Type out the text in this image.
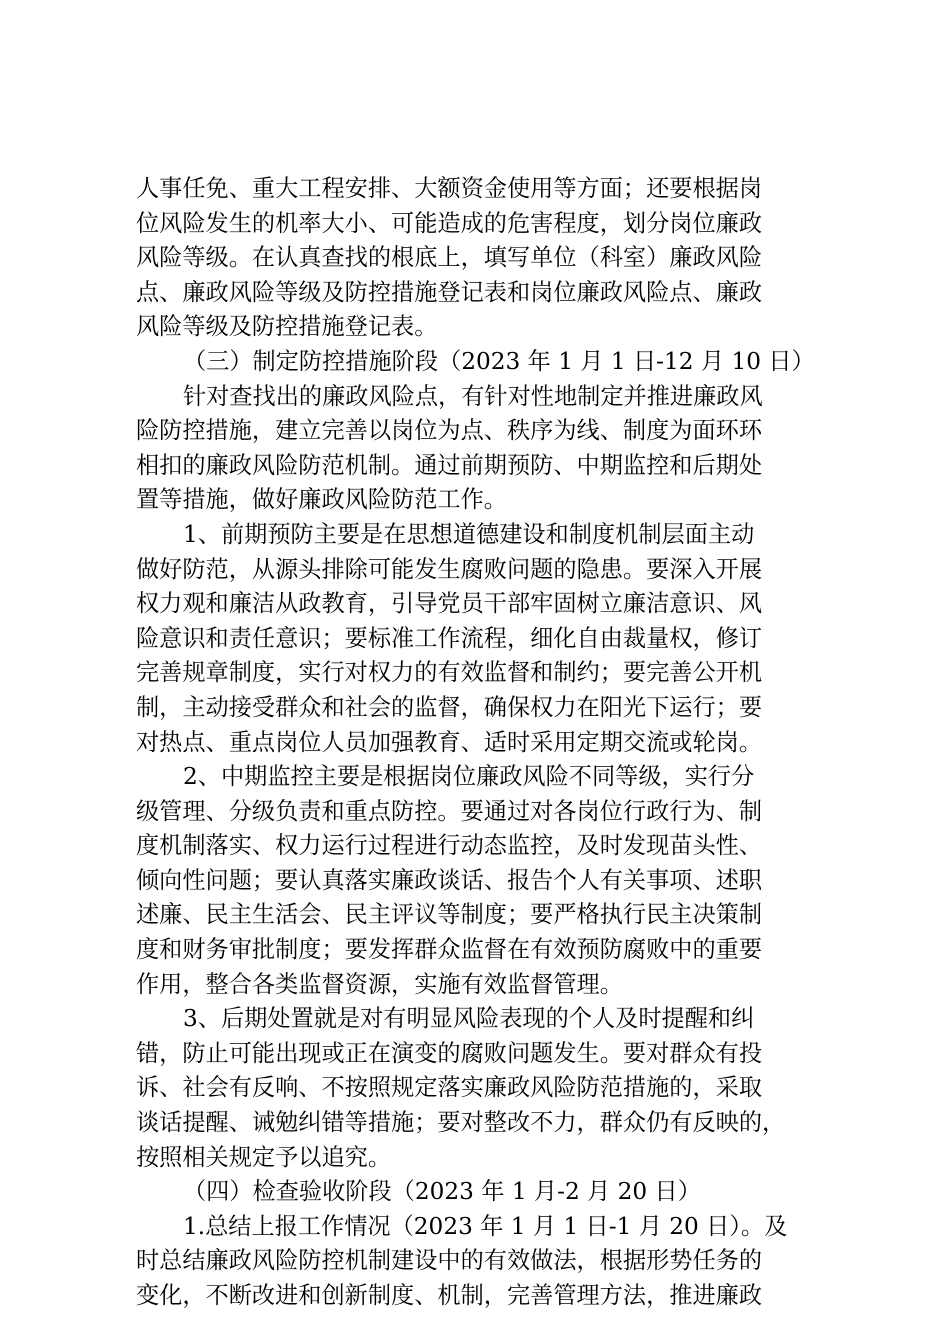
人事任免、重大工程安排、大额资金使用等方面；还要根据岗
位风险发生的机率大小、可能造成的危害程度，划分岗位廉政
风险等级。在认真查找的根底上，填写单位（科室）廉政风险
点、廉政风险等级及防控措施登记表和岗位廉政风险点、廉政
风险等级及防控措施登记表。
（三）制定防控措施阶段（2023 年 1 月 1 日-12 月 10 日）
针对查找出的廉政风险点，有针对性地制定并推进廉政风
险防控措施，建立完善以岗位为点、秩序为线、制度为面环环
相扣的廉政风险防范机制。通过前期预防、中期监控和后期处
置等措施，做好廉政风险防范工作。
1、前期预防主要是在思想道德建设和制度机制层面主动
做好防范，从源头排除可能发生腐败问题的隐患。要深入开展
权力观和廉洁从政教育，引导党员干部牢固树立廉洁意识、风
险意识和责任意识；要标准工作流程，细化自由裁量权，修订
完善规章制度，实行对权力的有效监督和制约；要完善公开机
制，主动接受群众和社会的监督，确保权力在阳光下运行；要
对热点、重点岗位人员加强教育、适时采用定期交流或轮岗。
2、中期监控主要是根据岗位廉政风险不同等级，实行分
级管理、分级负责和重点防控。要通过对各岗位行政行为、制
度机制落实、权力运行过程进行动态监控，及时发现苗头性、
倾向性问题；要认真落实廉政谈话、报告个人有关事项、述职
述廉、民主生活会、民主评议等制度；要严格执行民主决策制
度和财务审批制度；要发挥群众监督在有效预防腐败中的重要
作用，整合各类监督资源，实施有效监督管理。
3、后期处置就是对有明显风险表现的个人及时提醒和纠
错，防止可能出现或正在演变的腐败问题发生。要对群众有投
诉、社会有反响、不按照规定落实廉政风险防范措施的，采取
谈话提醒、诫勉纠错等措施；要对整改不力，群众仍有反映的，
按照相关规定予以追究。
（四）检查验收阶段（2023 年 1 月-2 月 20 日）
1.总结上报工作情况（2023 年 1 月 1 日-1 月 20 日）。及
时总结廉政风险防控机制建设中的有效做法，根据形势任务的
变化，不断改进和创新制度、机制，完善管理方法，推进廉政
